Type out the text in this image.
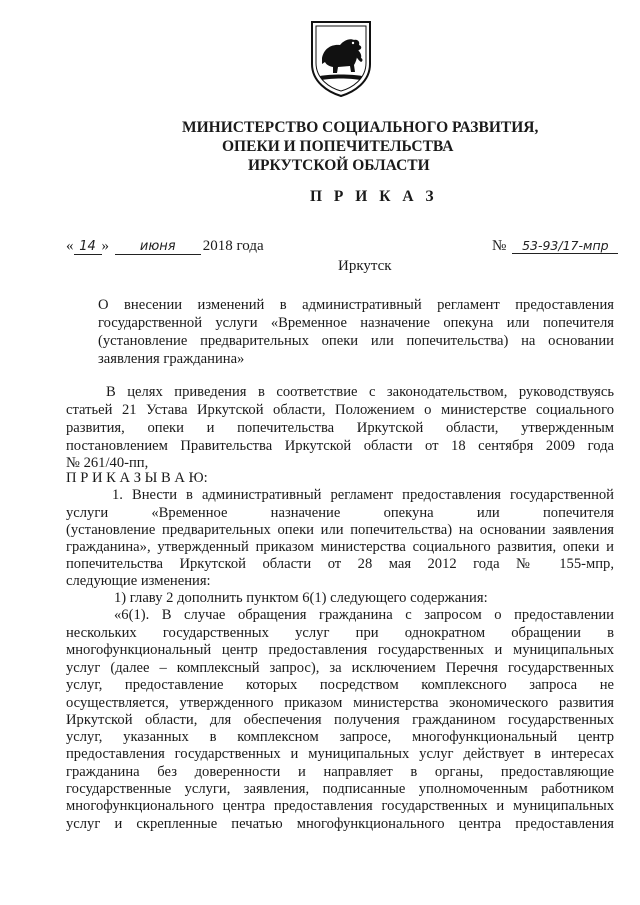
МИНИСТЕРСТВО СОЦИАЛЬНОГО РАЗВИТИЯ,
ОПЕКИ И ПОПЕЧИТЕЛЬСТВА
ИРКУТСКОЙ ОБЛАСТИ
П Р И К А З
« 14 » июня 2018 года	№ 53-93/17-мпр
Иркутск
О внесении изменений в административный регламент предоставления
государственной услуги «Временное назначение опекуна или попечителя
(установление предварительных опеки или попечительства) на основании
заявления гражданина»
В целях приведения в соответствие с законодательством, руководствуясь
статьей 21 Устава Иркутской области, Положением о министерстве социального
развития, опеки и попечительства Иркутской области, утвержденным
постановлением Правительства Иркутской области от 18 сентября 2009 года
№ 261/40-пп,
П Р И К А З Ы В А Ю:
1. Внести в административный регламент предоставления государственной
услуги «Временное назначение опекуна или попечителя
(установление предварительных опеки или попечительства) на основании заявления
гражданина», утвержденный приказом министерства социального развития, опеки и
попечительства Иркутской области от 28 мая 2012 года № 155-мпр,
следующие изменения:
1) главу 2 дополнить пунктом 6(1) следующего содержания:
«6(1). В случае обращения гражданина с запросом о предоставлении
нескольких государственных услуг при однократном обращении в
многофункциональный центр предоставления государственных и муниципальных
услуг (далее – комплексный запрос), за исключением Перечня государственных
услуг, предоставление которых посредством комплексного запроса не
осуществляется, утвержденного приказом министерства экономического развития
Иркутской области, для обеспечения получения гражданином государственных
услуг, указанных в комплексном запросе, многофункциональный центр
предоставления государственных и муниципальных услуг действует в интересах
гражданина без доверенности и направляет в органы, предоставляющие
государственные услуги, заявления, подписанные уполномоченным работником
многофункционального центра предоставления государственных и муниципальных
услуг и скрепленные печатью многофункционального центра предоставления
